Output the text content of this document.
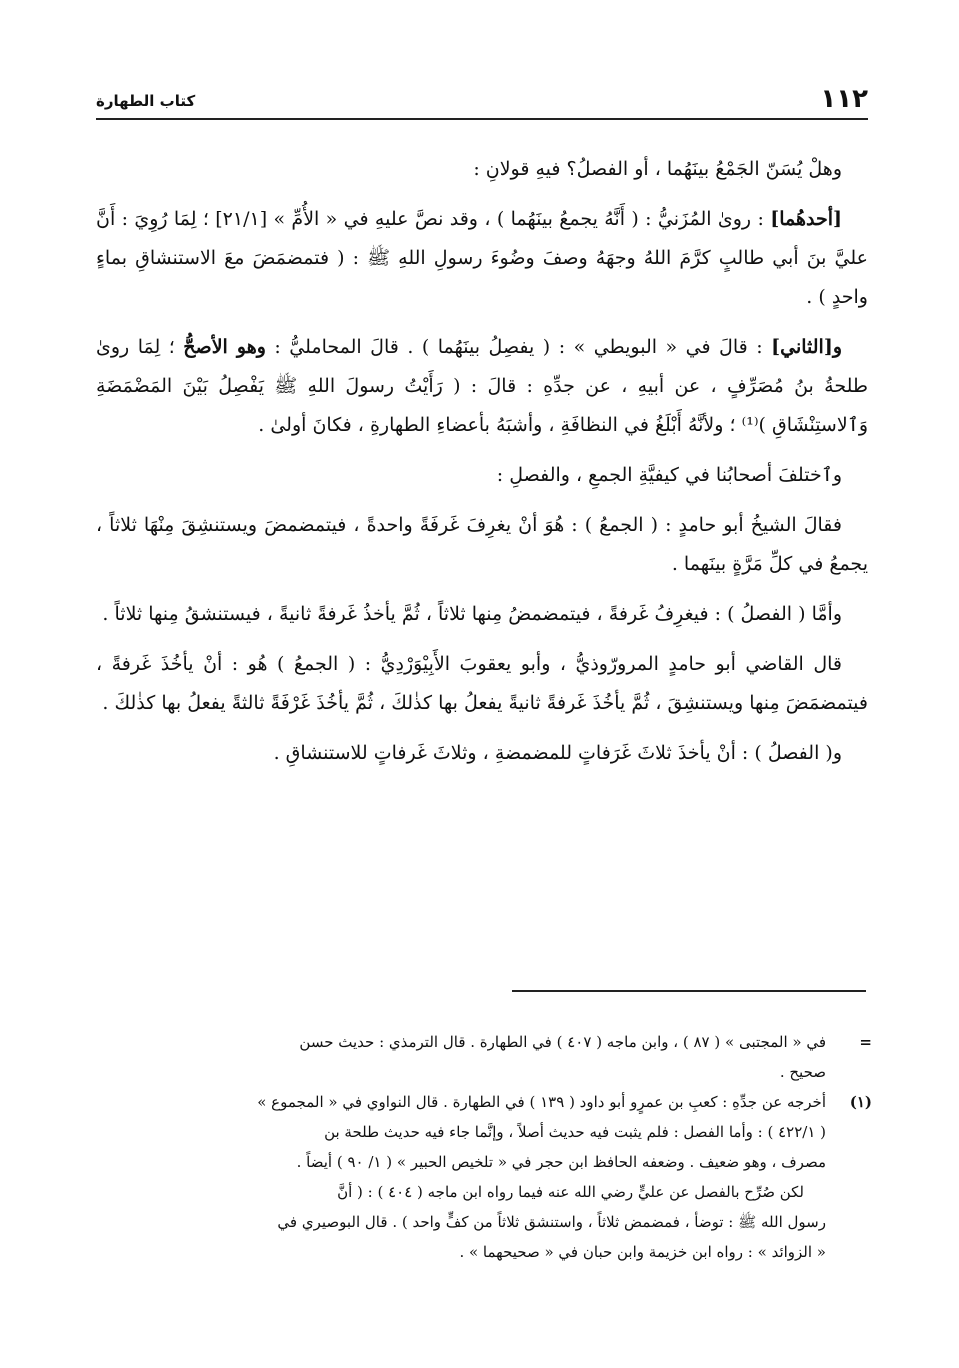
١١٢
كتاب الطهارة

وهلْ يُسَنّ الجَمْعُ بينَهُما ، أو الفصلُ؟ فيهِ قولانِ :

[أحدهُما] : روىٰ المُزَنيُّ : ( أَنَّهُ يجمعُ بينَهُما ) ، وقد نصَّ عليهِ في « الأُمِّ » [٢١/١] ؛ لِمَا رُوِيَ : أَنَّ عليَّ بنَ أبي طالبٍ كرَّمَ اللهُ وجهَهُ وصفَ وضُوءَ رسولِ اللهِ ﷺ : ( فتمضمَضَ معَ الاستنشاقِ بماءٍ واحدٍ ) .

و[الثاني] : قالَ في « البويطي » : ( يفصِلُ بينَهُما ) . قالَ المحامليُّ : وهو الأصحُّ ؛ لِمَا روىٰ طلحةُ بنُ مُصَرِّفٍ ، عن أبيهِ ، عن جدِّهِ : قالَ : ( رَأَيْتُ رسولَ اللهِ ﷺ يَفْصِلُ بَيْنَ المَضْمَضَةِ وَٱلاستِنْشَاقِ )⁽¹⁾ ؛ ولأنَّهُ أَبْلَغُ في النظافَةِ ، وأشبَهُ بأعضاءِ الطهارةِ ، فكانَ أولىٰ .

وٱختلفَ أصحابُنا في كيفيَّةِ الجمعِ ، والفصلِ :

فقالَ الشيخُ أبو حامدٍ : ( الجمعُ ) : هُوَ أنْ يغرِفَ غَرفَةً واحدةً ، فيتمضمضَ ويستنشِقَ مِنْهَا ثلاثاً ، يجمعُ في كلِّ مَرَّةٍ بينَهما .

وأمَّا ( الفصلُ ) : فيغرِفُ غَرفةً ، فيتمضمضُ مِنها ثلاثاً ، ثُمَّ يأخذُ غَرفةً ثانيةً ، فيستنشقُ مِنها ثلاثاً .

قال القاضي أبو حامدٍ المرورّوذيُّ ، وأبو يعقوبَ الأَبِيْوَرْدِيُّ : ( الجمعُ ) هُو : أنْ يأخُذَ غَرفةً ، فيتمضمَضَ مِنها ويستنشِقَ ، ثُمَّ يأخُذَ غَرفةً ثانيةً يفعلُ بها كذٰلكَ ، ثُمَّ يأخُذَ غَرْفَةً ثالثةً يفعلُ بها كذٰلكَ .

و( الفصلُ ) : أنْ يأخذَ ثلاثَ غَرَفاتٍ للمضمضةِ ، وثلاثَ غَرفاتٍ للاستنشاقِ .

=
في « المجتبى » ( ٨٧ ) ، وابن ماجه ( ٤٠٧ ) في الطهارة . قال الترمذي : حديث حسن
صحيح .
(١)
أخرجه عن جدِّهِ : كعبِ بن عمرٍو أبو داود ( ١٣٩ ) في الطهارة . قال النواوي في « المجموع »
( ٤٢٢/١ ) : وأما الفصل : فلم يثبت فيه حديث أصلاً ، وإنَّما جاء فيه حديث طلحة بن
مصرف ، وهو ضعيف . وضعفه الحافظ ابن حجر في « تلخيص الحبير » ( ١/ ٩٠ ) أيضاً .
لكن صُرِّح بالفصل عن عليٍّ رضي الله عنه فيما رواه ابن ماجه ( ٤٠٤ ) : ( أنَّ
رسول الله ﷺ : توضأ ، فمضمض ثلاثاً ، واستنشق ثلاثاً من كفٍّ واحد ) . قال البوصيري في
« الزوائد » : رواه ابن خزيمة وابن حبان في « صحيحهما » .
